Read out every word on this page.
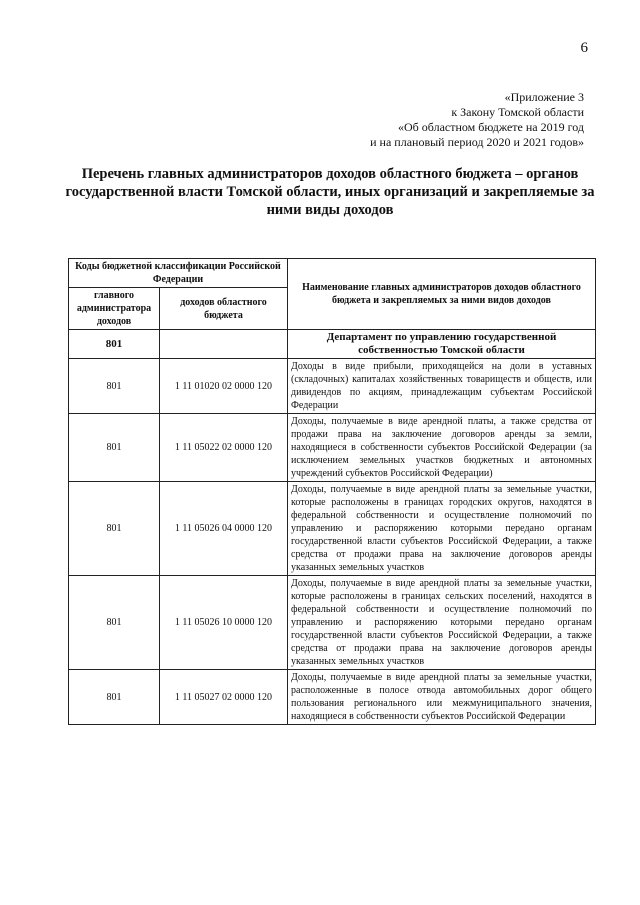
6
«Приложение 3
к Закону Томской области
«Об областном бюджете на 2019 год
и на плановый период 2020 и 2021 годов»
Перечень главных администраторов доходов областного бюджета – органов государственной власти Томской области, иных организаций и закрепляемые за ними виды доходов
Коды бюджетной классификации Российской Федерации		Наименование главных администраторов доходов областного бюджета и закрепляемых за ними видов доходов
главного администратора доходов	доходов областного бюджета	
801		Департамент по управлению государственной собственностью Томской области
801	1 11 01020 02 0000 120	Доходы в виде прибыли, приходящейся на доли в уставных (складочных) капиталах хозяйственных товариществ и обществ, или дивидендов по акциям, принадлежащим субъектам Российской Федерации
801	1 11 05022 02 0000 120	Доходы, получаемые в виде арендной платы, а также средства от продажи права на заключение договоров аренды за земли, находящиеся в собственности субъектов Российской Федерации (за исключением земельных участков бюджетных и автономных учреждений субъектов Российской Федерации)
801	1 11 05026 04 0000 120	Доходы, получаемые в виде арендной платы за земельные участки, которые расположены в границах городских округов, находятся в федеральной собственности и осуществление полномочий по управлению и распоряжению которыми передано органам государственной власти субъектов Российской Федерации, а также средства от продажи права на заключение договоров аренды указанных земельных участков
801	1 11 05026 10 0000 120	Доходы, получаемые в виде арендной платы за земельные участки, которые расположены в границах сельских поселений, находятся в федеральной собственности и осуществление полномочий по управлению и распоряжению которыми передано органам государственной власти субъектов Российской Федерации, а также средства от продажи права на заключение договоров аренды указанных земельных участков
801	1 11 05027 02 0000 120	Доходы, получаемые в виде арендной платы за земельные участки, расположенные в полосе отвода автомобильных дорог общего пользования регионального или межмуниципального значения, находящиеся в собственности субъектов Российской Федерации
